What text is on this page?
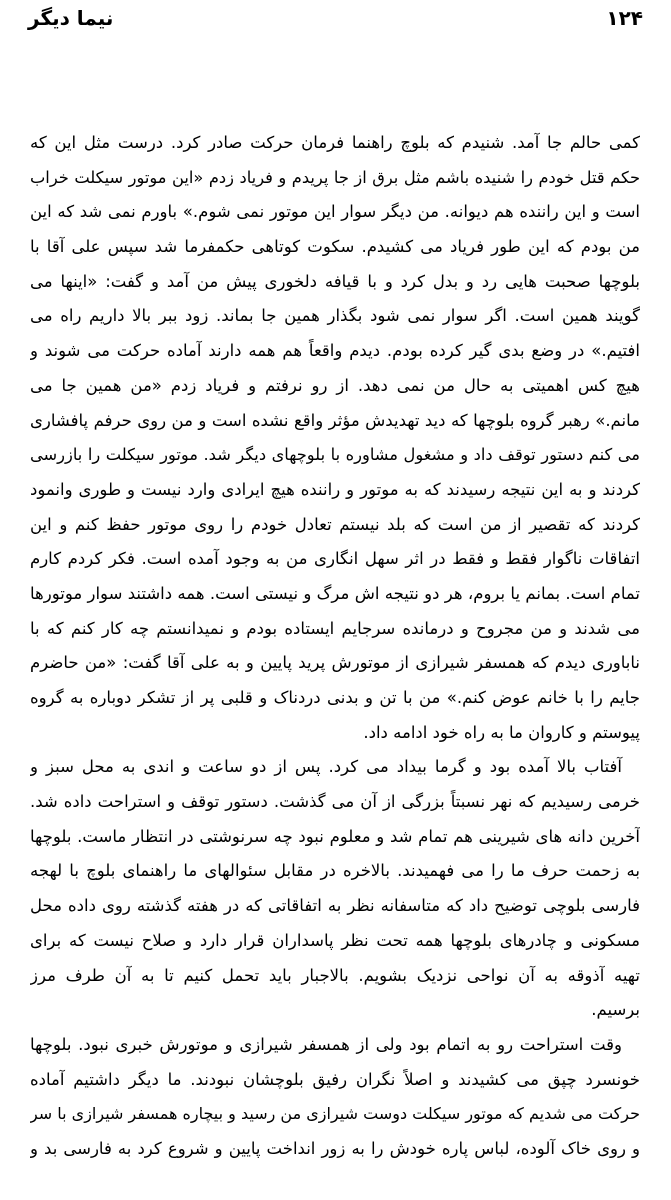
نیما دیگر	۱۲۴
کمی حالم جا آمد. شنیدم که بلوچ راهنما فرمان حرکت صادر کرد. درست مثل این که
حکم قتل خودم را شنیده باشم مثل برق از جا پریدم و فریاد زدم «این موتور سیکلت خراب
است و این راننده هم دیوانه. من دیگر سوار این موتور نمی شوم.» باورم نمی شد که این
من بودم که این طور فریاد می کشیدم. سکوت کوتاهی حکمفرما شد سپس علی آقا با
بلوچها صحبت هایی رد و بدل کرد و با قیافه دلخوری پیش من آمد و گفت: «اینها می
گویند همین است. اگر سوار نمی شود بگذار همین جا بماند. زود ببر بالا داریم راه می
افتیم.» در وضع بدی گیر کرده بودم. دیدم واقعاً هم همه دارند آماده حرکت می شوند و
هیچ کس اهمیتی به حال من نمی دهد. از رو نرفتم و فریاد زدم «من همین جا می
مانم.» رهبر گروه بلوچها که دید تهدیدش مؤثر واقع نشده است و من روی حرفم پافشاری
می کنم دستور توقف داد و مشغول مشاوره با بلوچهای دیگر شد. موتور سیکلت را بازرسی
کردند و به این نتیجه رسیدند که به موتور و راننده هیچ ایرادی وارد نیست و طوری وانمود
کردند که تقصیر از من است که بلد نیستم تعادل خودم را روی موتور حفظ کنم و این
اتفاقات ناگوار فقط و فقط در اثر سهل انگاری من به وجود آمده است. فکر کردم کارم
تمام است. بمانم یا بروم، هر دو نتیجه اش مرگ و نیستی است. همه داشتند سوار موتورها
می شدند و من مجروح و درمانده سرجایم ایستاده بودم و نمیدانستم چه کار کنم که با
ناباوری دیدم که همسفر شیرازی از موتورش پرید پایین و به علی آقا گفت: «من حاضرم
جایم را با خانم عوض کنم.» من با تن و بدنی دردناک و قلبی پر از تشکر دوباره به گروه
پیوستم و کاروان ما به راه خود ادامه داد.
آفتاب بالا آمده بود و گرما بیداد می کرد. پس از دو ساعت و اندی به محل سبز و
خرمی رسیدیم که نهر نسبتاً بزرگی از آن می گذشت. دستور توقف و استراحت داده شد.
آخرین دانه های شیرینی هم تمام شد و معلوم نبود چه سرنوشتی در انتظار ماست. بلوچها
به زحمت حرف ما را می فهمیدند. بالاخره در مقابل سئوالهای ما راهنمای بلوچ با لهجه
فارسی بلوچی توضیح داد که متاسفانه نظر به اتفاقاتی که در هفته گذشته روی داده محل
مسکونی و چادرهای بلوچها همه تحت نظر پاسداران قرار دارد و صلاح نیست که برای
تهیه آذوقه به آن نواحی نزدیک بشویم. بالاجبار باید تحمل کنیم تا به آن طرف مرز
برسیم.
وقت استراحت رو به اتمام بود ولی از همسفر شیرازی و موتورش خبری نبود. بلوچها
خونسرد چپق می کشیدند و اصلاً نگران رفیق بلوچشان نبودند. ما دیگر داشتیم آماده
حرکت می شدیم که موتور سیکلت دوست شیرازی من رسید و بیچاره همسفر شیرازی با سر
و روی خاک آلوده، لباس پاره خودش را به زور انداخت پایین و شروع کرد به فارسی بد و
